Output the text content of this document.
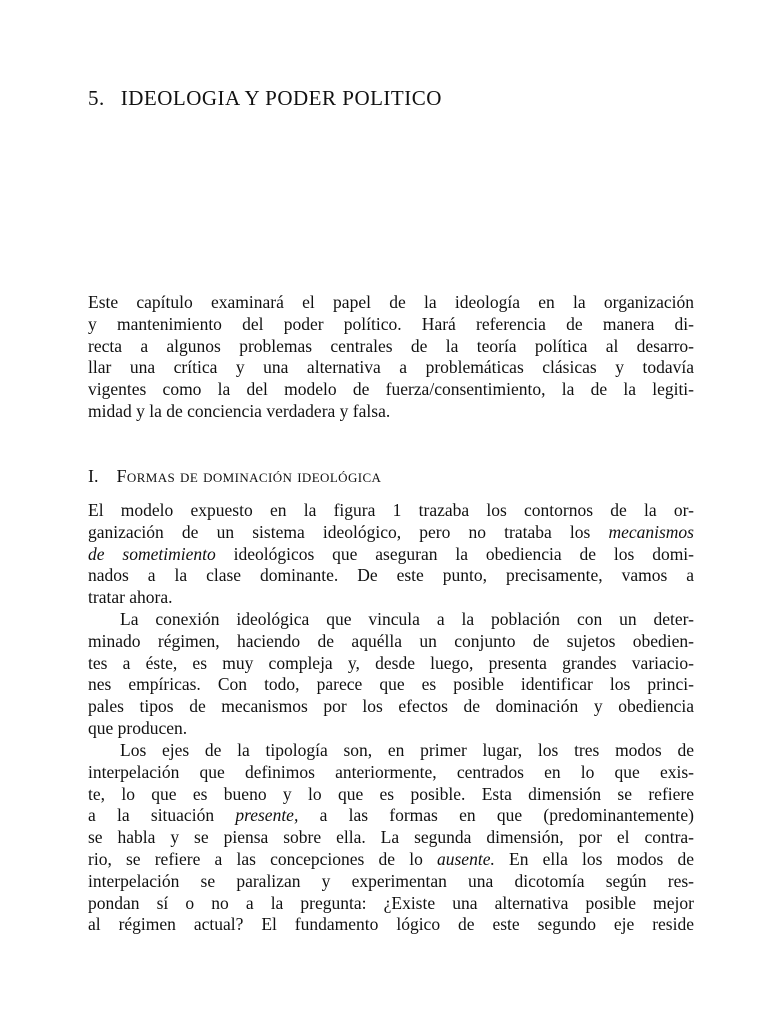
5. IDEOLOGIA Y PODER POLITICO
Este capítulo examinará el papel de la ideología en la organización
y mantenimiento del poder político. Hará referencia de manera di-
recta a algunos problemas centrales de la teoría política al desarro-
llar una crítica y una alternativa a problemáticas clásicas y todavía
vigentes como la del modelo de fuerza/consentimiento, la de la legiti-
midad y la de conciencia verdadera y falsa.
I. Formas de dominación ideológica
El modelo expuesto en la figura 1 trazaba los contornos de la or-
ganización de un sistema ideológico, pero no trataba los mecanismos
de sometimiento ideológicos que aseguran la obediencia de los domi-
nados a la clase dominante. De este punto, precisamente, vamos a
tratar ahora.
La conexión ideológica que vincula a la población con un deter-
minado régimen, haciendo de aquélla un conjunto de sujetos obedien-
tes a éste, es muy compleja y, desde luego, presenta grandes variacio-
nes empíricas. Con todo, parece que es posible identificar los princi-
pales tipos de mecanismos por los efectos de dominación y obediencia
que producen.
Los ejes de la tipología son, en primer lugar, los tres modos de
interpelación que definimos anteriormente, centrados en lo que exis-
te, lo que es bueno y lo que es posible. Esta dimensión se refiere
a la situación presente, a las formas en que (predominantemente)
se habla y se piensa sobre ella. La segunda dimensión, por el contra-
rio, se refiere a las concepciones de lo ausente. En ella los modos de
interpelación se paralizan y experimentan una dicotomía según res-
pondan sí o no a la pregunta: ¿Existe una alternativa posible mejor
al régimen actual? El fundamento lógico de este segundo eje reside
